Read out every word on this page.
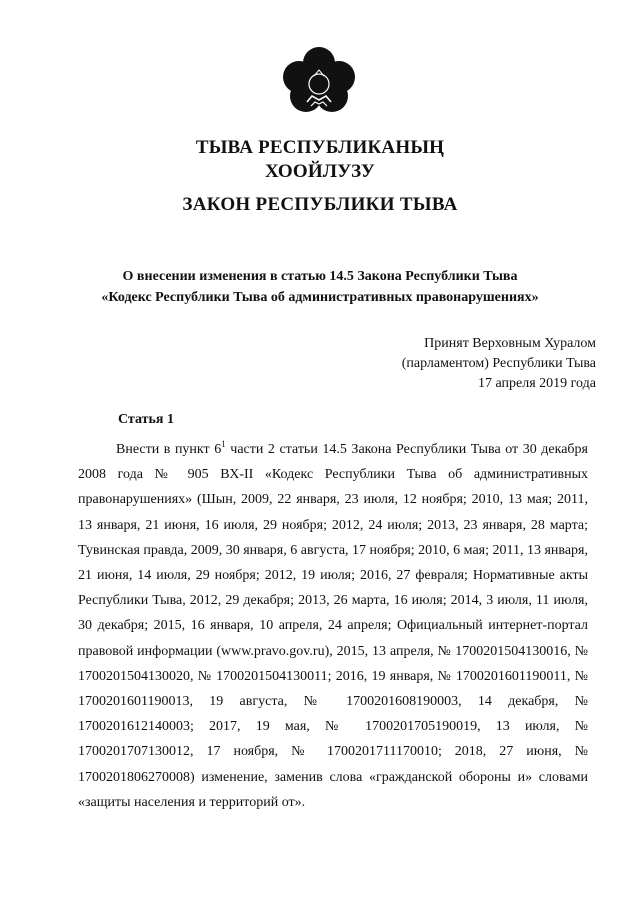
ТЫВА РЕСПУБЛИКАНЫҢ
ХООЙЛУЗУ
ЗАКОН РЕСПУБЛИКИ ТЫВА
О внесении изменения в статью 14.5 Закона Республики Тыва
«Кодекс Республики Тыва об административных правонарушениях»
Принят Верховным Хуралом
(парламентом) Республики Тыва
17 апреля 2019 года
Статья 1
Внести в пункт $6^1$ части 2 статьи 14.5 Закона Республики Тыва от 30 декабря 2008 года № 905 ВХ-II «Кодекс Республики Тыва об административных правонарушениях» (Шын, 2009, 22 января, 23 июля, 12 ноября; 2010, 13 мая; 2011, 13 января, 21 июня, 16 июля, 29 ноября; 2012, 24 июля; 2013, 23 января, 28 марта; Тувинская правда, 2009, 30 января, 6 августа, 17 ноября; 2010, 6 мая; 2011, 13 января, 21 июня, 14 июля, 29 ноября; 2012, 19 июля; 2016, 27 февраля; Нормативные акты Республики Тыва, 2012, 29 декабря; 2013, 26 марта, 16 июля; 2014, 3 июля, 11 июля, 30 декабря; 2015, 16 января, 10 апреля, 24 апреля; Официальный интернет-портал правовой информации (www.pravo.gov.ru), 2015, 13 апреля, № 1700201504130016, № 1700201504130020, № 1700201504130011; 2016, 19 января, № 1700201601190011, № 1700201601190013, 19 августа, № 1700201608190003, 14 декабря, № 1700201612140003; 2017, 19 мая, № 1700201705190019, 13 июля, № 1700201707130012, 17 ноября, № 1700201711170010; 2018, 27 июня, № 1700201806270008) изменение, заменив слова «гражданской обороны и» словами «защиты населения и территорий от».
